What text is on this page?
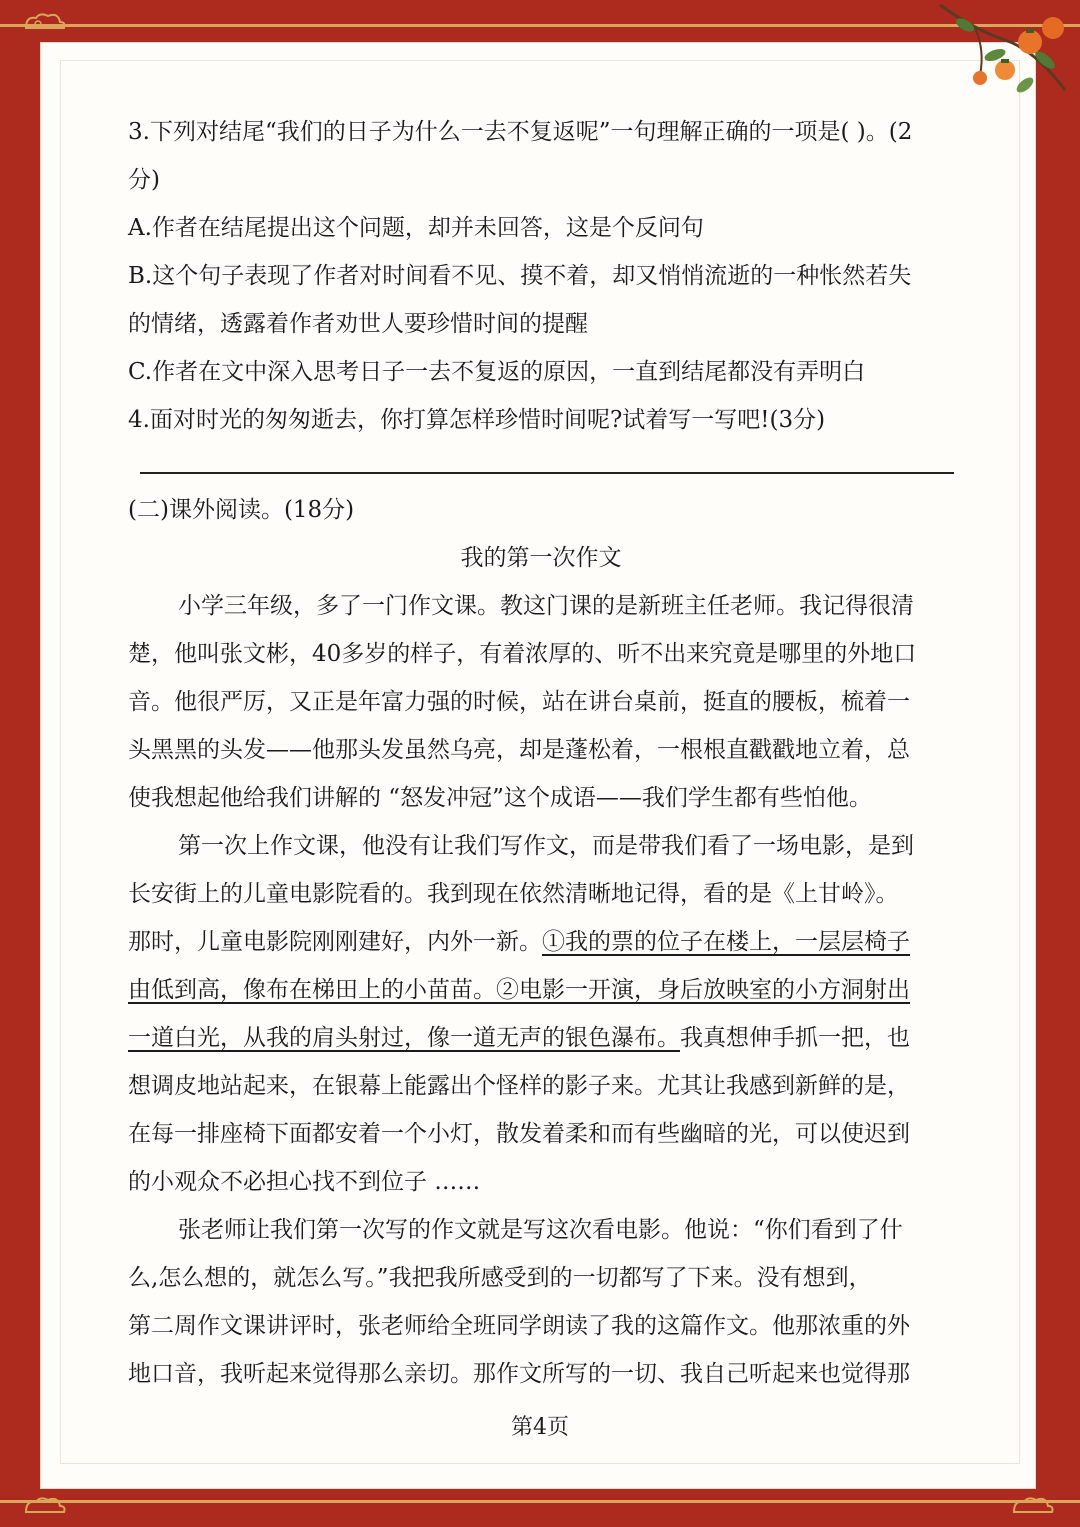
3.下列对结尾“我们的日子为什么一去不复返呢”一句理解正确的一项是( )。(2
分)
A.作者在结尾提出这个问题，却并未回答，这是个反问句
B.这个句子表现了作者对时间看不见、摸不着，却又悄悄流逝的一种怅然若失
的情绪，透露着作者劝世人要珍惜时间的提醒
C.作者在文中深入思考日子一去不复返的原因，一直到结尾都没有弄明白
4.面对时光的匆匆逝去，你打算怎样珍惜时间呢?试着写一写吧!(3分)
(二)课外阅读。(18分)
我的第一次作文
小学三年级，多了一门作文课。教这门课的是新班主任老师。我记得很清
楚，他叫张文彬，40多岁的样子，有着浓厚的、听不出来究竟是哪里的外地口
音。他很严厉，又正是年富力强的时候，站在讲台桌前，挺直的腰板，梳着一
头黑黑的头发——他那头发虽然乌亮，却是蓬松着，一根根直戳戳地立着，总
使我想起他给我们讲解的 “怒发冲冠”这个成语——我们学生都有些怕他。
第一次上作文课，他没有让我们写作文，而是带我们看了一场电影，是到
长安街上的儿童电影院看的。我到现在依然清晰地记得，看的是《上甘岭》。
那时，儿童电影院刚刚建好，内外一新。①我的票的位子在楼上，一层层椅子
由低到高，像布在梯田上的小苗苗。②电影一开演，身后放映室的小方洞射出
一道白光，从我的肩头射过，像一道无声的银色瀑布。我真想伸手抓一把，也
想调皮地站起来，在银幕上能露出个怪样的影子来。尤其让我感到新鲜的是，
在每一排座椅下面都安着一个小灯，散发着柔和而有些幽暗的光，可以使迟到
的小观众不必担心找不到位子 ……
张老师让我们第一次写的作文就是写这次看电影。他说：“你们看到了什
么,怎么想的，就怎么写。”我把我所感受到的一切都写了下来。没有想到，
第二周作文课讲评时，张老师给全班同学朗读了我的这篇作文。他那浓重的外
地口音，我听起来觉得那么亲切。那作文所写的一切、我自己听起来也觉得那
第4页
